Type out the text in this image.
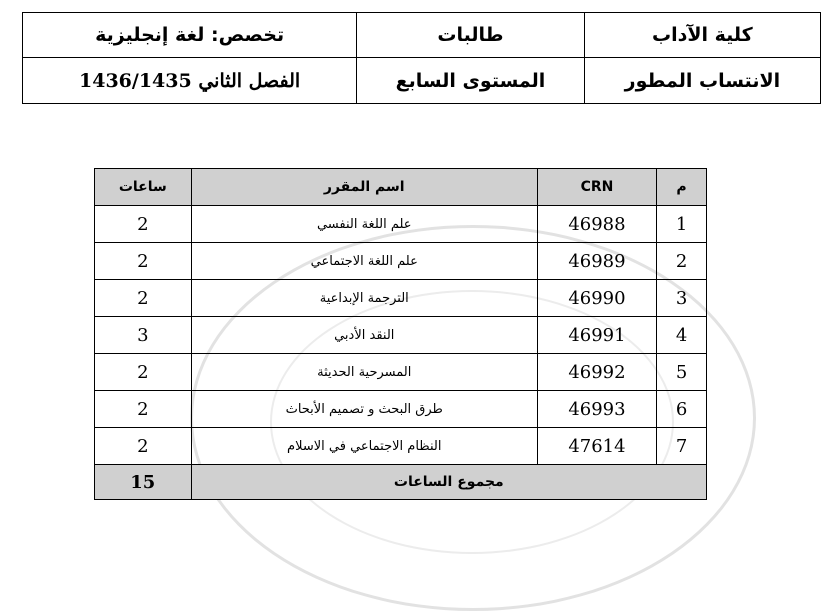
كلية الآداب	طالبات	تخصص: لغة إنجليزية
الانتساب المطور	المستوى السابع	الفصل الثاني 1436/1435
م	CRN	اسم المقرر	ساعات
1	46988	علم اللغة النفسي	2
2	46989	علم اللغة الاجتماعي	2
3	46990	الترجمة الإبداعية	2
4	46991	النقد الأدبي	3
5	46992	المسرحية الحديثة	2
6	46993	طرق البحث و تصميم الأبحاث	2
7	47614	النظام الاجتماعي في الاسلام	2
مجموع الساعات			15
